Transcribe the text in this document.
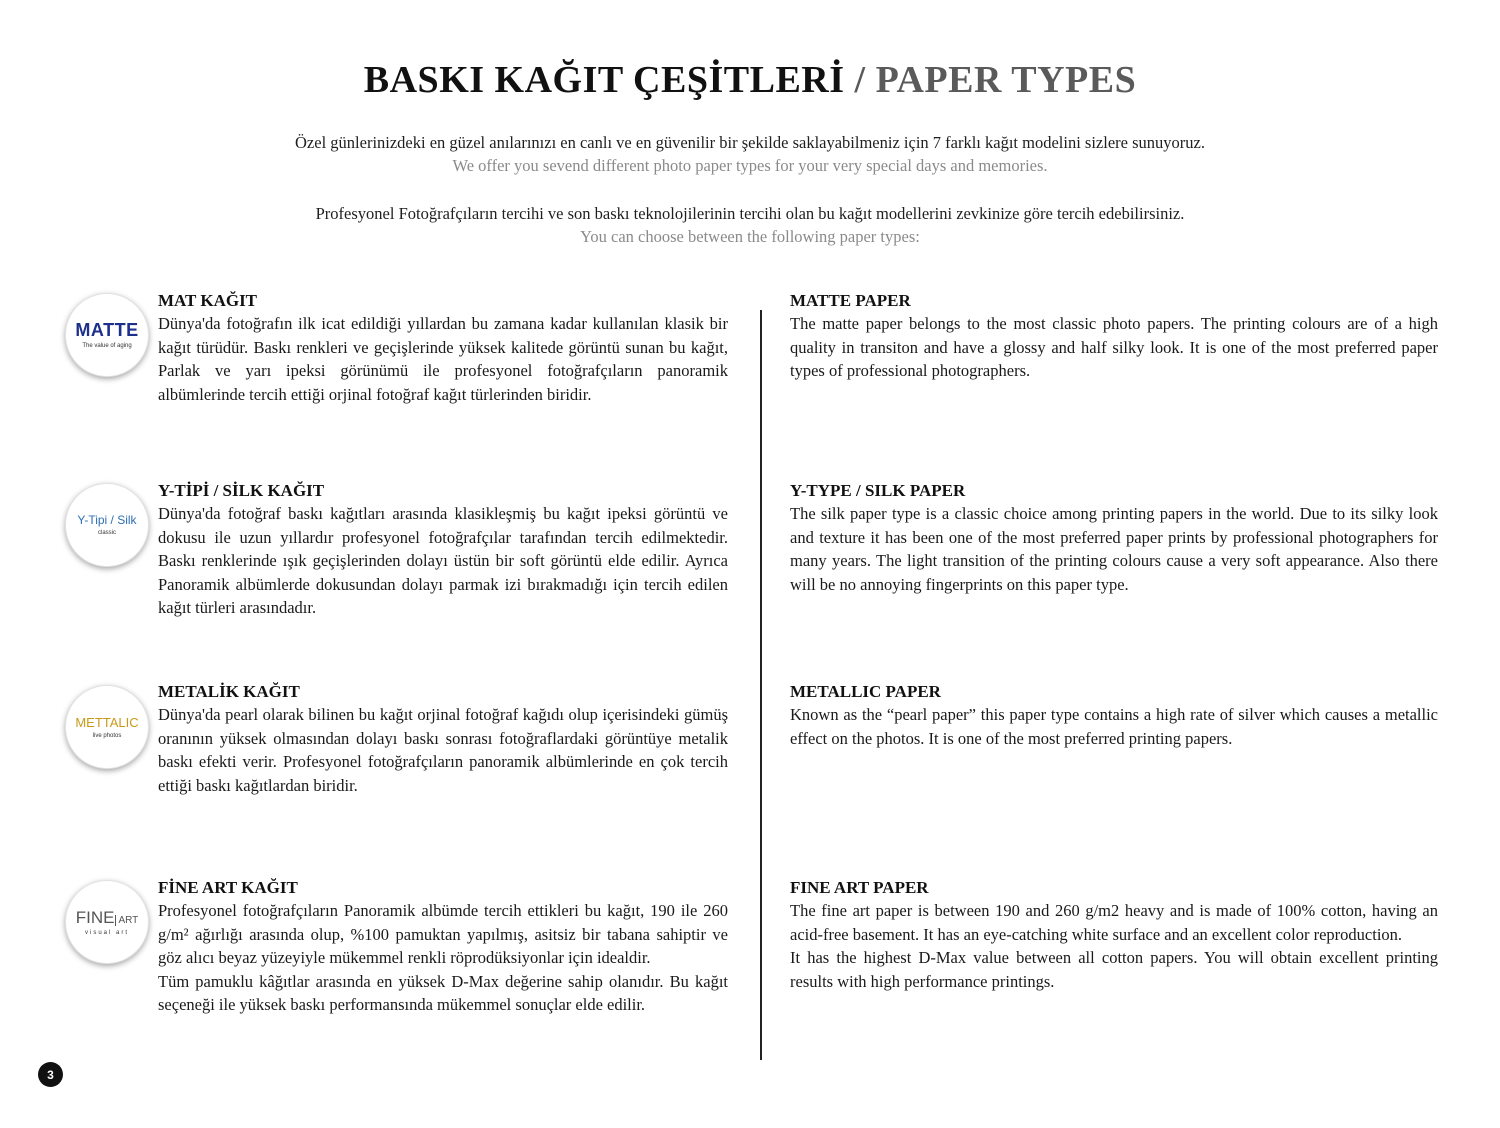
BASKI KAĞIT ÇEŞİTLERİ / PAPER TYPES

Özel günlerinizdeki en güzel anılarınızı en canlı ve en güvenilir bir şekilde saklayabilmeniz için 7 farklı kağıt modelini sizlere sunuyoruz.
We offer you sevend different photo paper types for your very special days and memories.

Profesyonel Fotoğrafçıların tercihi ve son baskı teknolojilerinin tercihi olan bu kağıt modellerini zevkinize göre tercih edebilirsiniz.
You can choose between the following paper types:

MATTE
The value of aging
MAT KAĞIT

Dünya'da fotoğrafın ilk icat edildiği yıllardan bu zamana kadar kullanılan klasik bir kağıt türüdür. Baskı renkleri ve geçişlerinde yüksek kalitede görüntü sunan bu kağıt, Parlak ve yarı ipeksi görünümü ile profesyonel fotoğrafçıların panoramik albümlerinde tercih ettiği orjinal fotoğraf kağıt türlerinden biridir.

MATTE PAPER

The matte paper belongs to the most classic photo papers. The printing colours are of a high quality in transiton and have a glossy and half silky look. It is one of the most preferred paper types of professional photographers.

Y-Tipi / Silk
classic
Y-TİPİ / SİLK KAĞIT

Dünya'da fotoğraf baskı kağıtları arasında klasikleşmiş bu kağıt ipeksi görüntü ve dokusu ile uzun yıllardır profesyonel fotoğrafçılar tarafından tercih edilmektedir. Baskı renklerinde ışık geçişlerinden dolayı üstün bir soft görüntü elde edilir. Ayrıca Panoramik albümlerde dokusundan dolayı parmak izi bırakmadığı için tercih edilen kağıt türleri arasındadır.

Y-TYPE / SILK PAPER

The silk paper type is a classic choice among printing papers in the world. Due to its silky look and texture it has been one of the most preferred paper prints by professional photographers for many years. The light transition of the printing colours cause a very soft appearance. Also there will be no annoying fingerprints on this paper type.

METTALIC
live photos
METALİK KAĞIT

Dünya'da pearl olarak bilinen bu kağıt orjinal fotoğraf kağıdı olup içerisindeki gümüş oranının yüksek olmasından dolayı baskı sonrası fotoğraflardaki görüntüye metalik baskı efekti verir. Profesyonel fotoğrafçıların panoramik albümlerinde en çok tercih ettiği baskı kağıtlardan biridir.

METALLIC PAPER

Known as the “pearl paper” this paper type contains a high rate of silver which causes a metallic effect on the photos. It is one of the most preferred printing papers.

FINE ART
visual art
FİNE ART KAĞIT

Profesyonel fotoğrafçıların Panoramik albümde tercih ettikleri bu kağıt, 190 ile 260 g/m² ağırlığı arasında olup, %100 pamuktan yapılmış, asitsiz bir tabana sahiptir ve göz alıcı beyaz yüzeyiyle mükemmel renkli röprodüksiyonlar için idealdir.

Tüm pamuklu kâğıtlar arasında en yüksek D-Max değerine sahip olanıdır. Bu kağıt seçeneği ile yüksek baskı performansında mükemmel sonuçlar elde edilir.

FINE ART PAPER

The fine art paper is between 190 and 260 g/m2 heavy and is made of 100% cotton, having an acid-free basement. It has an eye-catching white surface and an excellent color reproduction.

It has the highest D-Max value between all cotton papers. You will obtain excellent printing results with high performance printings.

3
